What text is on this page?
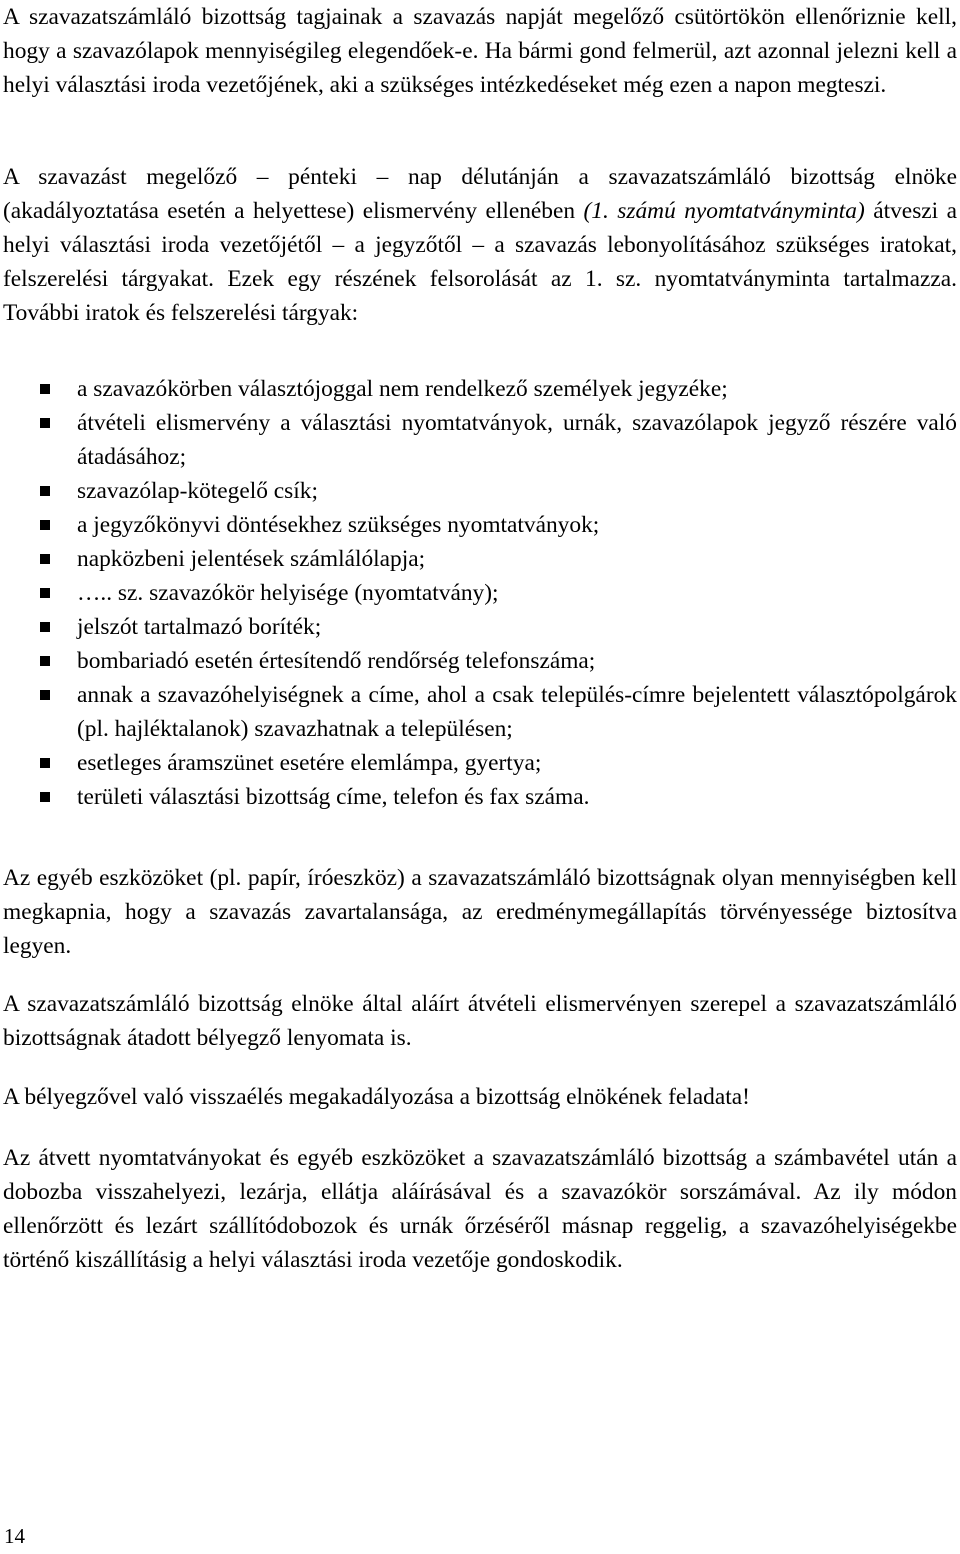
A szavazatszámláló bizottság tagjainak a szavazás napját megelőző csütörtökön ellenőriznie kell, hogy a szavazólapok mennyiségileg elegendőek-e. Ha bármi gond felmerül, azt azonnal jelezni kell a helyi választási iroda vezetőjének, aki a szükséges intézkedéseket még ezen a napon megteszi.

A szavazást megelőző – pénteki – nap délutánján a szavazatszámláló bizottság elnöke (akadályoztatása esetén a helyettese) elismervény ellenében (1. számú nyomtatványminta) átveszi a helyi választási iroda vezetőjétől – a jegyzőtől – a szavazás lebonyolításához szükséges iratokat, felszerelési tárgyakat. Ezek egy részének felsorolását az 1. sz. nyomtatványminta tartalmazza. További iratok és felszerelési tárgyak:

a szavazókörben választójoggal nem rendelkező személyek jegyzéke;
átvételi elismervény a választási nyomtatványok, urnák, szavazólapok jegyző részére való átadásához;
szavazólap-kötegelő csík;
a jegyzőkönyvi döntésekhez szükséges nyomtatványok;
napközbeni jelentések számlálólapja;
….. sz. szavazókör helyisége (nyomtatvány);
jelszót tartalmazó boríték;
bombariadó esetén értesítendő rendőrség telefonszáma;
annak a szavazóhelyiségnek a címe, ahol a csak település-címre bejelentett választópolgárok (pl. hajléktalanok) szavazhatnak a településen;
esetleges áramszünet esetére elemlámpa, gyertya;
területi választási bizottság címe, telefon és fax száma.

Az egyéb eszközöket (pl. papír, íróeszköz) a szavazatszámláló bizottságnak olyan mennyiségben kell megkapnia, hogy a szavazás zavartalansága, az eredménymegállapítás törvényessége biztosítva legyen.

A szavazatszámláló bizottság elnöke által aláírt átvételi elismervényen szerepel a szavazatszámláló bizottságnak átadott bélyegző lenyomata is.

A bélyegzővel való visszaélés megakadályozása a bizottság elnökének feladata!

Az átvett nyomtatványokat és egyéb eszközöket a szavazatszámláló bizottság a számbavétel után a dobozba visszahelyezi, lezárja, ellátja aláírásával és a szavazókör sorszámával. Az ily módon ellenőrzött és lezárt szállítódobozok és urnák őrzéséről másnap reggelig, a szavazóhelyiségekbe történő kiszállításig a helyi választási iroda vezetője gondoskodik.

14
